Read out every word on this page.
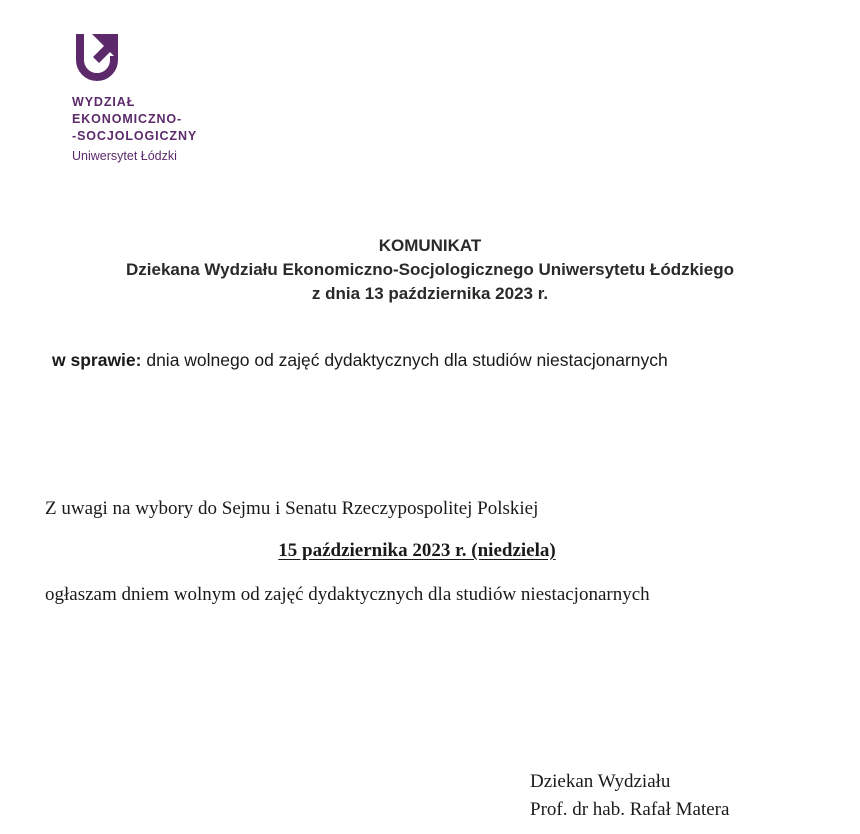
WYDZIAŁ
EKONOMICZNO-
-SOCJOLOGICZNY
Uniwersytet Łódzki
KOMUNIKAT
Dziekana Wydziału Ekonomiczno-Socjologicznego Uniwersytetu Łódzkiego
z dnia 13 października 2023 r.
w sprawie: dnia wolnego od zajęć dydaktycznych dla studiów niestacjonarnych
Z uwagi na wybory do Sejmu i Senatu Rzeczypospolitej Polskiej
15 października 2023 r. (niedziela)
ogłaszam dniem wolnym od zajęć dydaktycznych dla studiów niestacjonarnych
Dziekan Wydziału
Prof. dr hab. Rafał Matera
